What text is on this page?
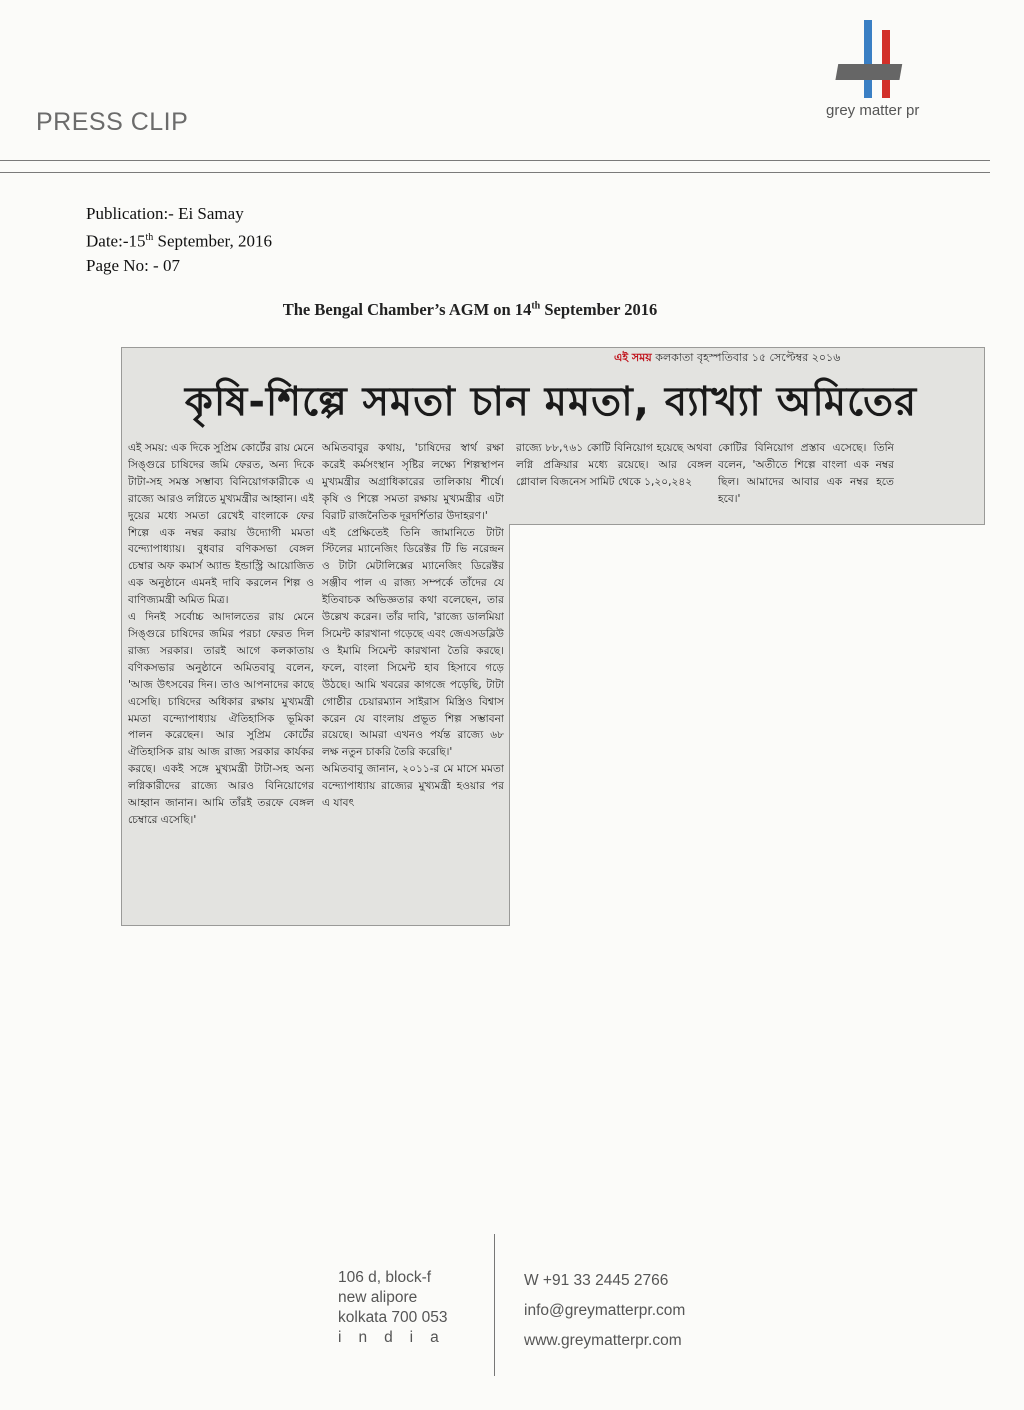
PRESS CLIP	grey matter pr
Publication:- Ei Samay
Date:-15th September, 2016
Page No: - 07
The Bengal Chamber’s AGM on 14th September 2016
এই সময় কলকাতা বৃহস্পতিবার ১৫ সেপ্টেম্বর ২০১৬
কৃষি-শিল্পে সমতা চান মমতা, ব্যাখ্যা অমিতের

এই সময়: এক দিকে সুপ্রিম কোর্টের রায় মেনে সিঙ্গুরে চাষিদের জমি ফেরত, অন্য দিকে টাটা-সহ সমস্ত সম্ভাব্য বিনিয়োগকারীকে এ রাজ্যে আরও লগ্নিতে মুখ্যমন্ত্রীর আহ্বান। এই দুয়ের মধ্যে সমতা রেখেই বাংলাকে ফের শিল্পে এক নম্বর করায় উদ্যোগী মমতা বন্দ্যোপাধ্যায়। বুধবার বণিকসভা বেঙ্গল চেম্বার অফ কমার্স অ্যান্ড ইন্ডাস্ট্রি আয়োজিত এক অনুষ্ঠানে এমনই দাবি করলেন শিল্প ও বাণিজ্যমন্ত্রী অমিত মিত্র।

এ দিনই সর্বোচ্চ আদালতের রায় মেনে সিঙ্গুরে চাষিদের জমির পরচা ফেরত দিল রাজ্য সরকার। তারই আগে কলকাতায় বণিকসভার অনুষ্ঠানে অমিতবাবু বলেন, 'আজ উৎসবের দিন। তাও আপনাদের কাছে এসেছি। চাষিদের অধিকার রক্ষায় মুখ্যমন্ত্রী মমতা বন্দ্যোপাধ্যায় ঐতিহাসিক ভূমিকা পালন করেছেন। আর সুপ্রিম কোর্টের ঐতিহাসিক রায় আজ রাজ্য সরকার কার্যকর করছে। একই সঙ্গে মুখ্যমন্ত্রী টাটা-সহ অন্য লগ্নিকারীদের রাজ্যে আরও বিনিয়োগের আহ্বান জানান। আমি তাঁরই তরফে বেঙ্গল চেম্বারে এসেছি।'

অমিতবাবুর কথায়, 'চাষিদের স্বার্থ রক্ষা করেই কর্মসংস্থান সৃষ্টির লক্ষ্যে শিল্পস্থাপন মুখ্যমন্ত্রীর অগ্রাধিকারের তালিকায় শীর্ষে। কৃষি ও শিল্পে সমতা রক্ষায় মুখ্যমন্ত্রীর এটা বিরাট রাজনৈতিক দূরদর্শিতার উদাহরণ।'

এই প্রেক্ষিতেই তিনি জামানিতে টাটা স্টিলের ম্যানেজিং ডিরেক্টর টি ভি নরেন্দ্রন ও টাটা মেটালিক্সের ম্যানেজিং ডিরেক্টর সঞ্জীব পাল এ রাজ্য সম্পর্কে তাঁদের যে ইতিবাচক অভিজ্ঞতার কথা বলেছেন, তার উল্লেখ করেন। তাঁর দাবি, 'রাজ্যে ডালমিয়া সিমেন্ট কারখানা গড়েছে এবং জেএসডব্লিউ ও ইমামি সিমেন্ট কারখানা তৈরি করছে। ফলে, বাংলা সিমেন্ট হাব হিসাবে গড়ে উঠছে। আমি খবরের কাগজে পড়েছি, টাটা গোষ্ঠীর চেয়ারম্যান সাইরাস মিস্ত্রিও বিশ্বাস করেন যে বাংলায় প্রভূত শিল্প সম্ভাবনা রয়েছে। আমরা এখনও পর্যন্ত রাজ্যে ৬৮ লক্ষ নতুন চাকরি তৈরি করেছি।'

অমিতবাবু জানান, ২০১১-র মে মাসে মমতা বন্দ্যোপাধ্যায় রাজ্যের মুখ্যমন্ত্রী হওয়ার পর এ যাবৎ

রাজ্যে ৮৮,৭৬১ কোটি বিনিয়োগ হয়েছে অথবা লগ্নি প্রক্রিয়ার মধ্যে রয়েছে। আর বেঙ্গল গ্লোবাল বিজনেস সামিট থেকে ১,২০,২৪২

কোটির বিনিয়োগ প্রস্তাব এসেছে। তিনি বলেন, 'অতীতে শিল্পে বাংলা এক নম্বর ছিল। আমাদের আবার এক নম্বর হতে হবে।'

106 d, block-f
new alipore
kolkata 700 053
india
W +91 33 2445 2766
info@greymatterpr.com
www.greymatterpr.com
